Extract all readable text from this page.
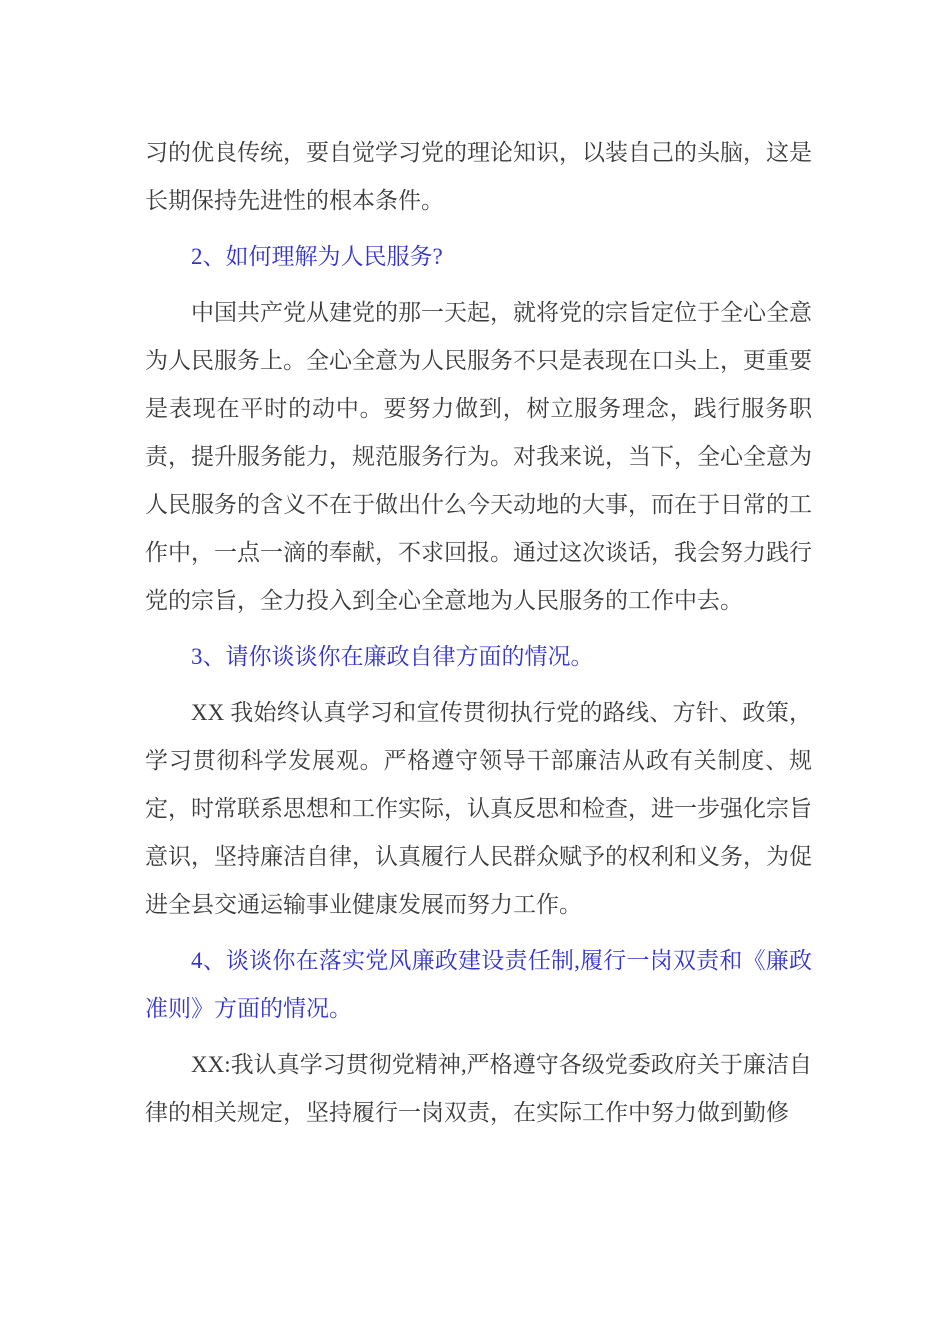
习的优良传统，要自觉学习党的理论知识，以装自己的头脑，这是长期保持先进性的根本条件。

2、如何理解为人民服务?

中国共产党从建党的那一天起，就将党的宗旨定位于全心全意为人民服务上。全心全意为人民服务不只是表现在口头上，更重要是表现在平时的动中。要努力做到，树立服务理念，践行服务职责，提升服务能力，规范服务行为。对我来说，当下，全心全意为人民服务的含义不在于做出什么今天动地的大事，而在于日常的工作中，一点一滴的奉献，不求回报。通过这次谈话，我会努力践行党的宗旨，全力投入到全心全意地为人民服务的工作中去。

3、请你谈谈你在廉政自律方面的情况。

XX 我始终认真学习和宣传贯彻执行党的路线、方针、政策，学习贯彻科学发展观。严格遵守领导干部廉洁从政有关制度、规定，时常联系思想和工作实际，认真反思和检查，进一步强化宗旨意识，坚持廉洁自律，认真履行人民群众赋予的权利和义务，为促进全县交通运输事业健康发展而努力工作。

4、谈谈你在落实党风廉政建设责任制,履行一岗双责和《廉政准则》方面的情况。

XX:我认真学习贯彻党精神,严格遵守各级党委政府关于廉洁自律的相关规定，坚持履行一岗双责，在实际工作中努力做到勤修
